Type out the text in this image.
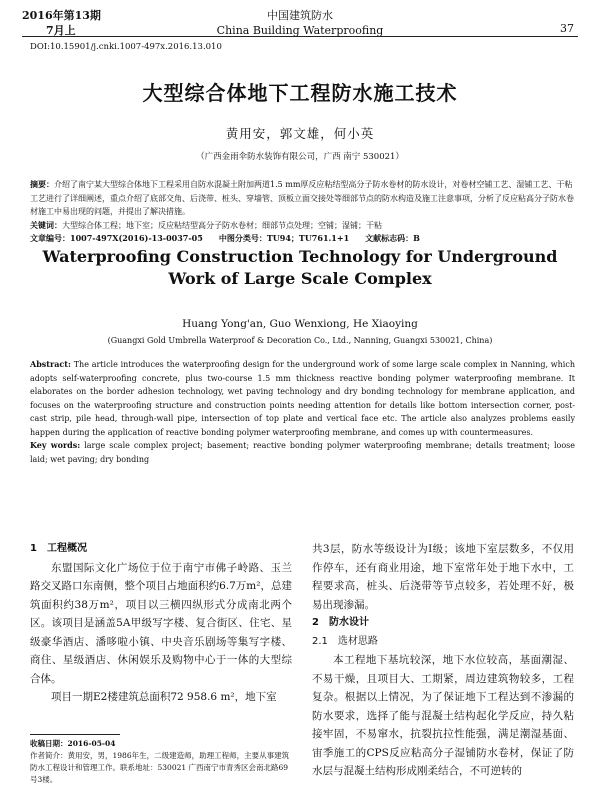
2016年第13期
7月上
中国建筑防水
China Building Waterproofing	37
DOI:10.15901/j.cnki.1007-497x.2016.13.010
大型综合体地下工程防水施工技术
黄用安，郭文雄，何小英
（广西金雨伞防水装饰有限公司，广西 南宁 530021）
摘要：介绍了南宁某大型综合体地下工程采用自防水混凝土附加两道1.5 mm厚反应粘结型高分子防水卷材的防水设计，对卷材空铺工艺、湿铺工艺、干粘工艺进行了详细阐述，重点介绍了底部交角、后浇带、桩头、穿墙管、顶板立面交接处等细部节点的防水构造及施工注意事项，分析了反应粘高分子防水卷材施工中易出现的问题，并提出了解决措施。
关键词：大型综合体工程；地下室；反应粘结型高分子防水卷材；细部节点处理；空铺；湿铺；干粘
文章编号：1007-497X(2016)-13-0037-05　　中图分类号：TU94；TU761.1+1　　文献标志码：B
Waterproofing Construction Technology for Underground Work of Large Scale Complex
Huang Yong'an, Guo Wenxiong, He Xiaoying
(Guangxi Gold Umbrella Waterproof & Decoration Co., Ltd., Nanning, Guangxi 530021, China)
Abstract: The article introduces the waterproofing design for the underground work of some large scale complex in Nanning, which adopts self-waterproofing concrete, plus two-course 1.5 mm thickness reactive bonding polymer waterproofing membrane. It elaborates on the border adhesion technology, wet paving technology and dry bonding technology for membrane application, and focuses on the waterproofing structure and construction points needing attention for details like bottom intersection corner, post-cast strip, pile head, through-wall pipe, intersection of top plate and vertical face etc. The article also analyzes problems easily happen during the application of reactive bonding polymer waterproofing membrane, and comes up with countermeasures.
Key words: large scale complex project; basement; reactive bonding polymer waterproofing membrane; details treatment; loose laid; wet paving; dry bonding
1　工程概况
东盟国际文化广场位于位于南宁市佛子岭路、玉兰路交叉路口东南侧，整个项目占地面积约6.7万m²，总建筑面积约38万m²，项目以三横四纵形式分成南北两个区。该项目是涵盖5A甲级写字楼、复合街区、住宅、星级豪华酒店、潘哆啦小镇、中央音乐剧场等集写字楼、商住、星级酒店、休闲娱乐及购物中心于一体的大型综合体。
项目一期E2楼建筑总面积72 958.6 m²，地下室
共3层，防水等级设计为Ⅰ级；该地下室层数多，不仅用作停车，还有商业用途，地下室常年处于地下水中，工程要求高，桩头、后浇带等节点较多，若处理不好，极易出现渗漏。
2　防水设计
2.1　选材思路
本工程地下基坑较深，地下水位较高，基面潮湿、不易干燥，且项目大、工期紧，周边建筑物较多，工程复杂。根据以上情况，为了保证地下工程达到不渗漏的防水要求，选择了能与混凝土结构起化学反应，持久粘接牢固，不易窜水，抗裂抗拉性能强，满足潮湿基面、宙季施工的CPS反应粘高分子湿铺防水卷材，保证了防水层与混凝土结构形成刚柔结合，不可逆转的
收稿日期：2016-05-04
作者简介：黄用安，男，1986年生，二级建造师，助理工程师，主要从事建筑防水工程设计和管理工作。联系地址：530021 广西南宁市青秀区会南北路69号3楼。
